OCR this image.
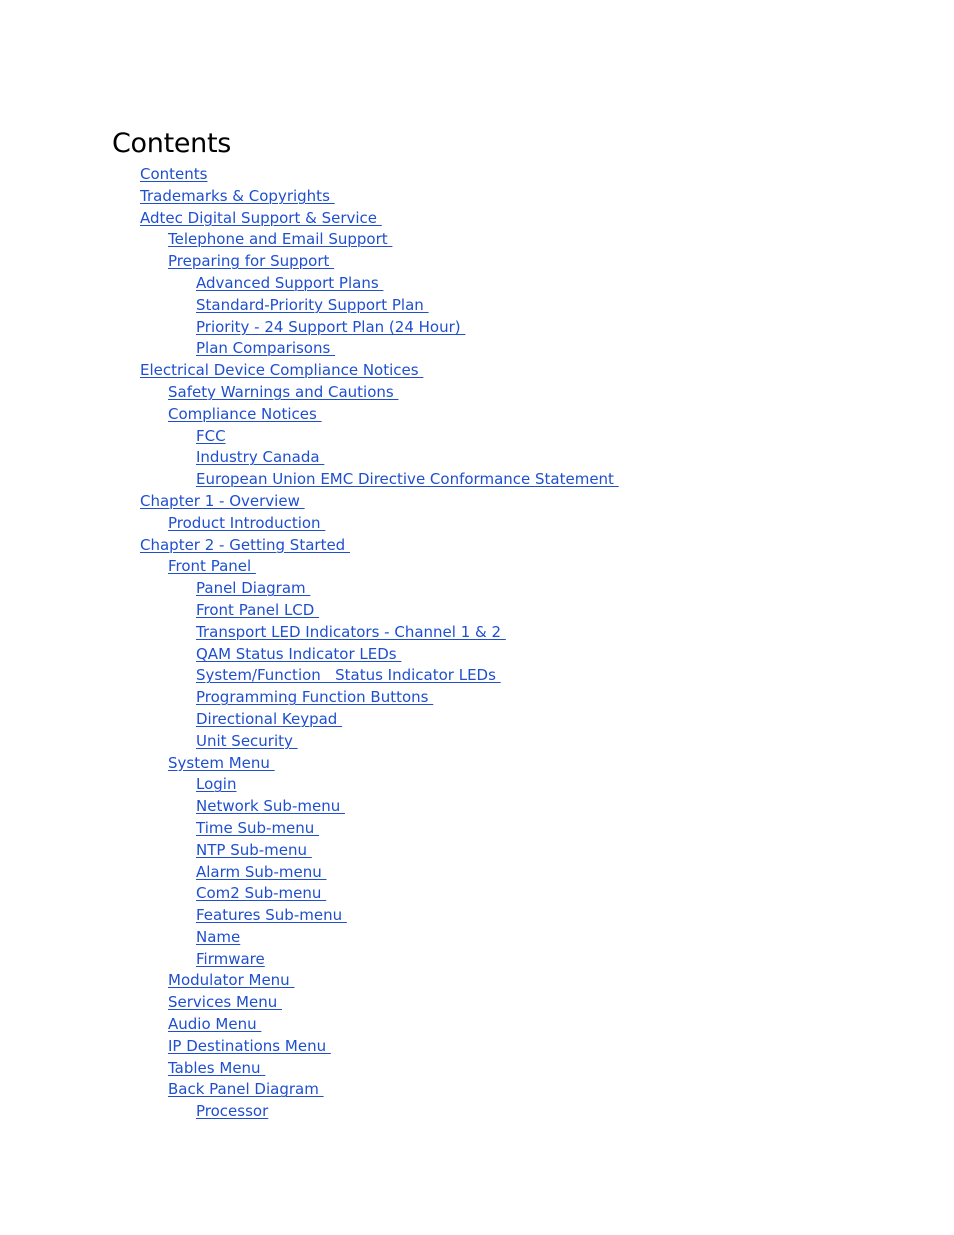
Contents
Contents
Trademarks & Copyrights
Adtec Digital Support & Service
Telephone and Email Support
Preparing for Support
Advanced Support Plans
Standard-Priority Support Plan
Priority - 24 Support Plan (24 Hour)
Plan Comparisons
Electrical Device Compliance Notices
Safety Warnings and Cautions
Compliance Notices
FCC
Industry Canada
European Union EMC Directive Conformance Statement
Chapter 1 - Overview
Product Introduction
Chapter 2 - Getting Started
Front Panel
Panel Diagram
Front Panel LCD
Transport LED Indicators - Channel 1 & 2
QAM Status Indicator LEDs
System/Function   Status Indicator LEDs
Programming Function Buttons
Directional Keypad
Unit Security
System Menu
Login
Network Sub-menu
Time Sub-menu
NTP Sub-menu
Alarm Sub-menu
Com2 Sub-menu
Features Sub-menu
Name
Firmware
Modulator Menu
Services Menu
Audio Menu
IP Destinations Menu
Tables Menu
Back Panel Diagram
Processor
